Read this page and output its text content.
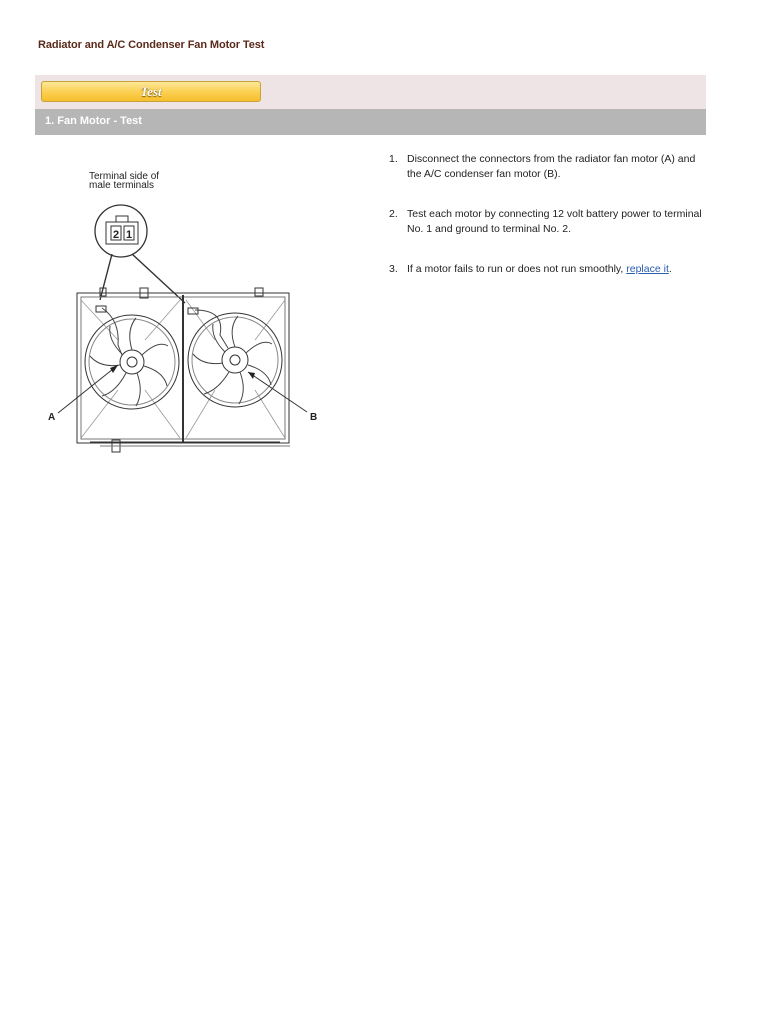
Radiator and A/C Condenser Fan Motor Test
Test
1. Fan Motor - Test
Terminal side of
male terminals
2 1
A	B
1. Disconnect the connectors from the radiator fan motor (A) and the A/C condenser fan motor (B).
2. Test each motor by connecting 12 volt battery power to terminal No. 1 and ground to terminal No. 2.
3. If a motor fails to run or does not run smoothly, replace it.
